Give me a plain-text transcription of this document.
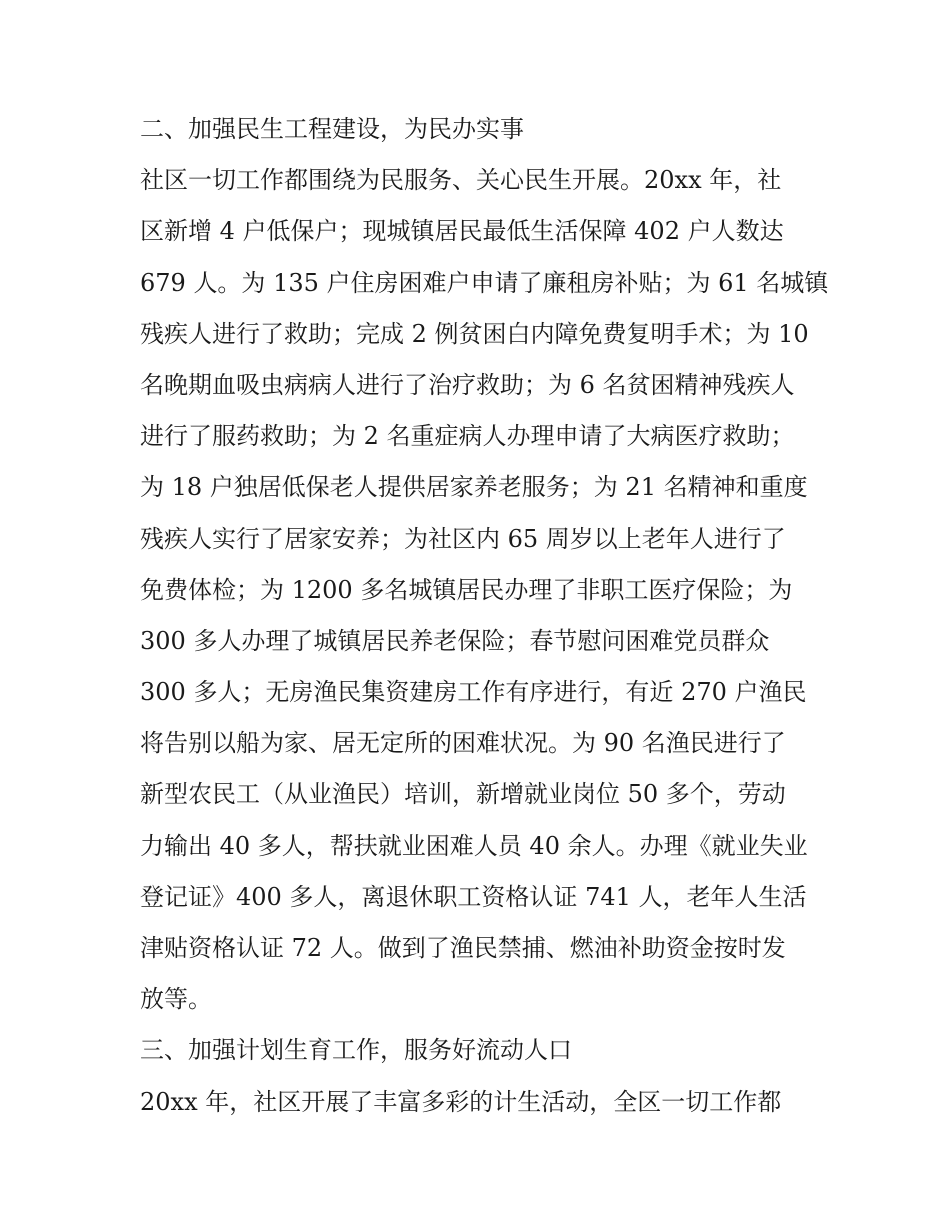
二、加强民生工程建设，为民办实事

社区一切工作都围绕为民服务、关心民生开展。20xx 年，社

区新增 4 户低保户；现城镇居民最低生活保障 402 户人数达

679 人。为 135 户住房困难户申请了廉租房补贴；为 61 名城镇

残疾人进行了救助；完成 2 例贫困白内障免费复明手术；为 10

名晚期血吸虫病病人进行了治疗救助；为 6 名贫困精神残疾人

进行了服药救助；为 2 名重症病人办理申请了大病医疗救助；

为 18 户独居低保老人提供居家养老服务；为 21 名精神和重度

残疾人实行了居家安养；为社区内 65 周岁以上老年人进行了

免费体检；为 1200 多名城镇居民办理了非职工医疗保险；为

300 多人办理了城镇居民养老保险；春节慰问困难党员群众

300 多人；无房渔民集资建房工作有序进行，有近 270 户渔民

将告别以船为家、居无定所的困难状况。为 90 名渔民进行了

新型农民工（从业渔民）培训，新增就业岗位 50 多个，劳动

力输出 40 多人，帮扶就业困难人员 40 余人。办理《就业失业

登记证》400 多人，离退休职工资格认证 741 人，老年人生活

津贴资格认证 72 人。做到了渔民禁捕、燃油补助资金按时发

放等。

三、加强计划生育工作，服务好流动人口

20xx 年，社区开展了丰富多彩的计生活动，全区一切工作都
